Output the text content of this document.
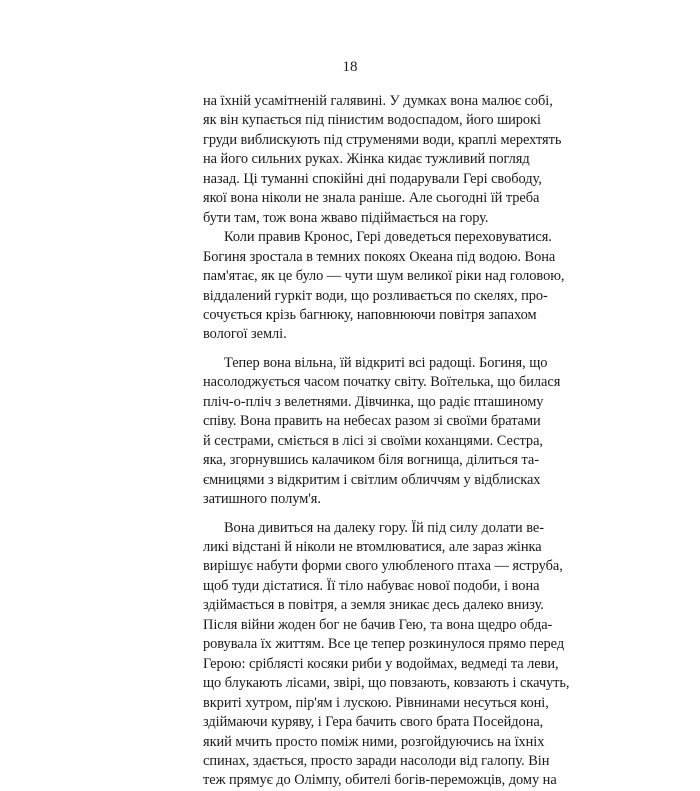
18

на їхній усамітненій галявині. У думках вона малює собі,
як він купається під пінистим водоспадом, його широкі
груди виблискують під струменями води, краплі мерехтять
на його сильних руках. Жінка кидає тужливий погляд
назад. Ці туманні спокійні дні подарували Гері свободу,
якої вона ніколи не знала раніше. Але сьогодні їй треба
бути там, тож вона жваво підіймається на гору.

Коли правив Кронос, Гері доведеться переховуватися.
Богиня зростала в темних покоях Океана під водою. Вона
пам'ятає, як це було — чути шум великої ріки над головою,
віддалений гуркіт води, що розливається по скелях, про-
сочується крізь багнюку, наповнюючи повітря запахом
вологої землі.

Тепер вона вільна, їй відкриті всі радощі. Богиня, що
насолоджується часом початку світу. Воїтелька, що билася
пліч-о-пліч з велетнями. Дівчинка, що радіє пташиному
співу. Вона править на небесах разом зі своїми братами
й сестрами, сміється в лісі зі своїми коханцями. Сестра,
яка, згорнувшись калачиком біля вогнища, ділиться та-
ємницями з відкритим і світлим обличчям у відблисках
затишного полум'я.

Вона дивиться на далеку гору. Їй під силу долати ве-
ликі відстані й ніколи не втомлюватися, але зараз жінка
вирішує набути форми свого улюбленого птаха — яструба,
щоб туди дістатися. Її тіло набуває нової подоби, і вона
здіймається в повітря, а земля зникає десь далеко внизу.
Після війни жоден бог не бачив Гею, та вона щедро обда-
ровувала їх життям. Все це тепер розкинулося прямо перед
Герою: сріблясті косяки риби у водоймах, ведмеді та леви,
що блукають лісами, звірі, що повзають, ковзають і скачуть,
вкриті хутром, пір'ям і лускою. Рівнинами несуться коні,
здіймаючи куряву, і Гера бачить свого брата Посейдона,
який мчить просто поміж ними, розгойдуючись на їхніх
спинах, здається, просто заради насолоди від галопу. Він
теж прямує до Олімпу, обителі богів-переможців, дому на
